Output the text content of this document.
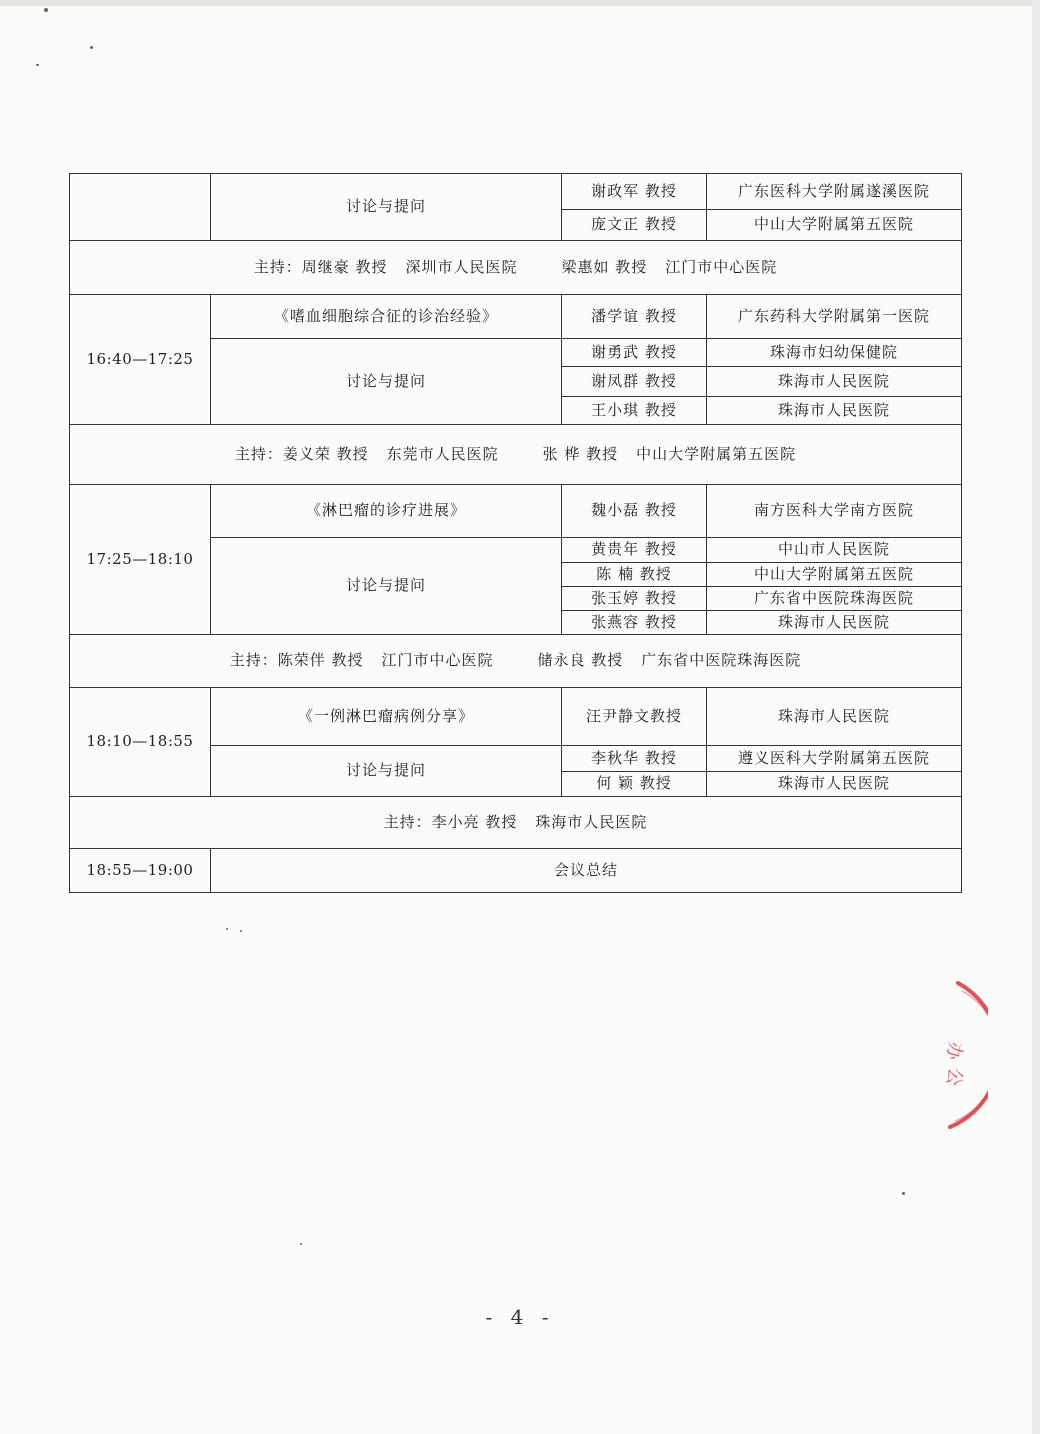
	讨论与提问	谢政军 教授	广东医科大学附属遂溪医院
		庞文正 教授	中山大学附属第五医院
主持：周继豪 教授 深圳市人民医院 梁惠如 教授 江门市中心医院			
16:40—17:25	《嗜血细胞综合征的诊治经验》	潘学谊 教授	广东药科大学附属第一医院
	讨论与提问	谢勇武 教授	珠海市妇幼保健院
		谢凤群 教授	珠海市人民医院
		王小琪 教授	珠海市人民医院
主持：姜义荣 教授 东莞市人民医院 张 桦 教授 中山大学附属第五医院			
17:25—18:10	《淋巴瘤的诊疗进展》	魏小磊 教授	南方医科大学南方医院
	讨论与提问	黄贵年 教授	中山市人民医院
		陈 楠 教授	中山大学附属第五医院
		张玉婷 教授	广东省中医院珠海医院
		张燕容 教授	珠海市人民医院
主持：陈荣伴 教授 江门市中心医院 储永良 教授 广东省中医院珠海医院			
18:10—18:55	《一例淋巴瘤病例分享》	汪尹静文教授	珠海市人民医院
	讨论与提问	李秋华 教授	遵义医科大学附属第五医院
		何 颖 教授	珠海市人民医院
主持：李小亮 教授 珠海市人民医院			
18:55—19:00	会议总结		
办
公
- 4 -
